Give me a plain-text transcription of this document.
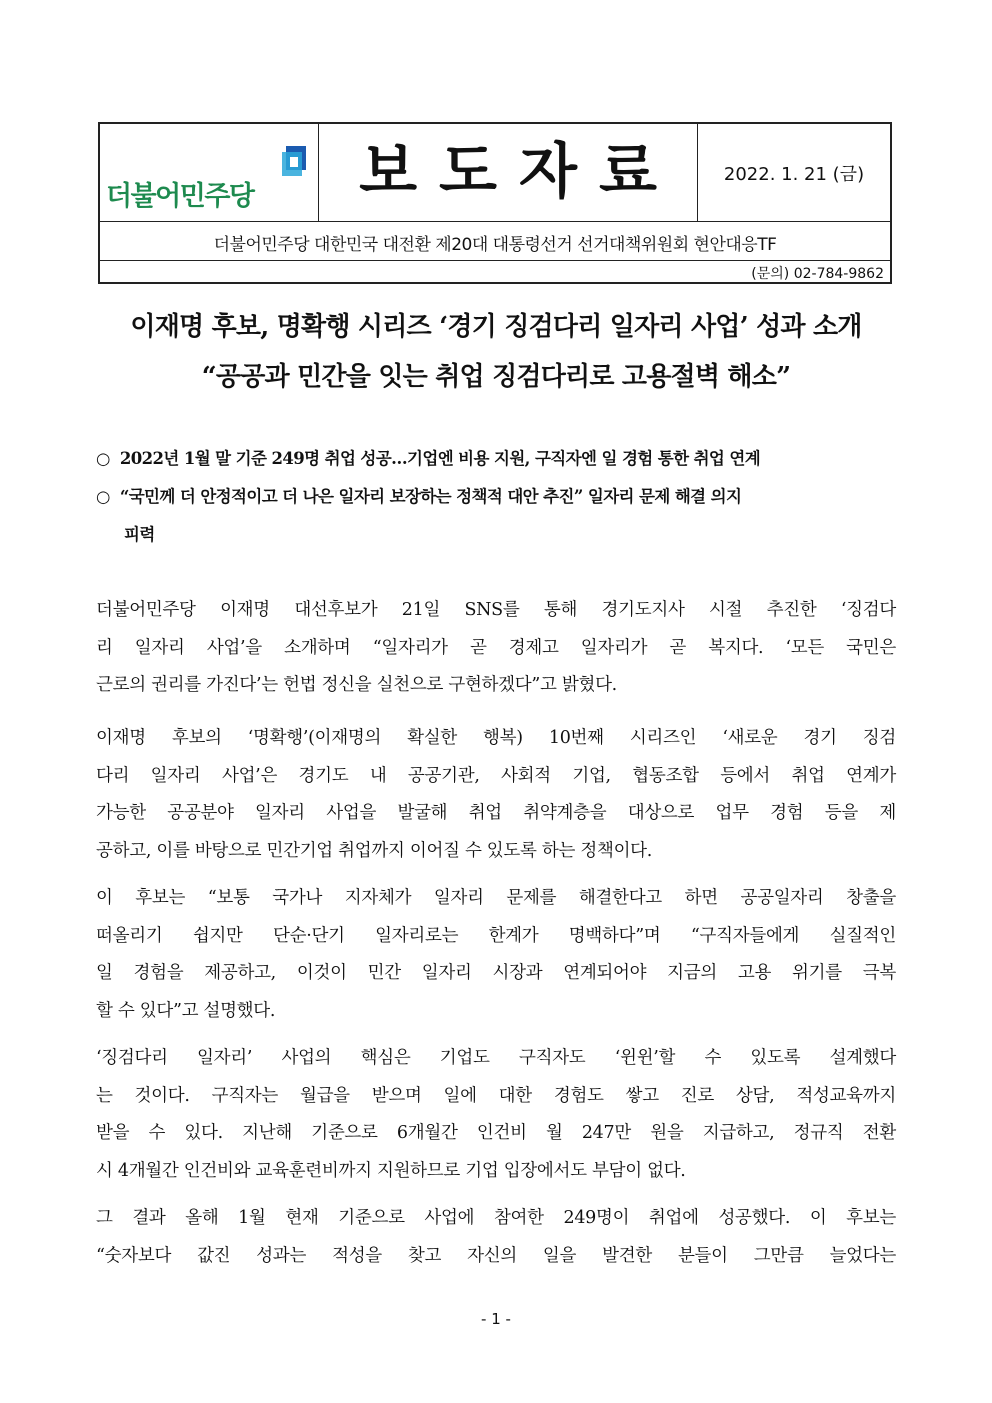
더불어민주당	보도자료	2022. 1. 21 (금)
더불어민주당 대한민국 대전환 제20대 대통령선거 선거대책위원회 현안대응TF
(문의) 02-784-9862
이재명 후보, 명확행 시리즈 ‘경기 징검다리 일자리 사업’ 성과 소개
“공공과 민간을 잇는 취업 징검다리로 고용절벽 해소”
○ 2022년 1월 말 기준 249명 취업 성공…기업엔 비용 지원, 구직자엔 일 경험 통한 취업 연계
○ “국민께 더 안정적이고 더 나은 일자리 보장하는 정책적 대안 추진” 일자리 문제 해결 의지
피력
더불어민주당 이재명 대선후보가 21일 SNS를 통해 경기도지사 시절 추진한 ‘징검다
리 일자리 사업’을 소개하며 “일자리가 곧 경제고 일자리가 곧 복지다. ‘모든 국민은
근로의 권리를 가진다’는 헌법 정신을 실천으로 구현하겠다”고 밝혔다.
이재명 후보의 ‘명확행’(이재명의 확실한 행복) 10번째 시리즈인 ‘새로운 경기 징검
다리 일자리 사업’은 경기도 내 공공기관, 사회적 기업, 협동조합 등에서 취업 연계가
가능한 공공분야 일자리 사업을 발굴해 취업 취약계층을 대상으로 업무 경험 등을 제
공하고, 이를 바탕으로 민간기업 취업까지 이어질 수 있도록 하는 정책이다.
이 후보는 “보통 국가나 지자체가 일자리 문제를 해결한다고 하면 공공일자리 창출을
떠올리기 쉽지만 단순·단기 일자리로는 한계가 명백하다”며 “구직자들에게 실질적인
일 경험을 제공하고, 이것이 민간 일자리 시장과 연계되어야 지금의 고용 위기를 극복
할 수 있다”고 설명했다.
‘징검다리 일자리’ 사업의 핵심은 기업도 구직자도 ‘윈윈’할 수 있도록 설계했다
는 것이다. 구직자는 월급을 받으며 일에 대한 경험도 쌓고 진로 상담, 적성교육까지
받을 수 있다. 지난해 기준으로 6개월간 인건비 월 247만 원을 지급하고, 정규직 전환
시 4개월간 인건비와 교육훈련비까지 지원하므로 기업 입장에서도 부담이 없다.
그 결과 올해 1월 현재 기준으로 사업에 참여한 249명이 취업에 성공했다. 이 후보는
“숫자보다 값진 성과는 적성을 찾고 자신의 일을 발견한 분들이 그만큼 늘었다는
- 1 -
